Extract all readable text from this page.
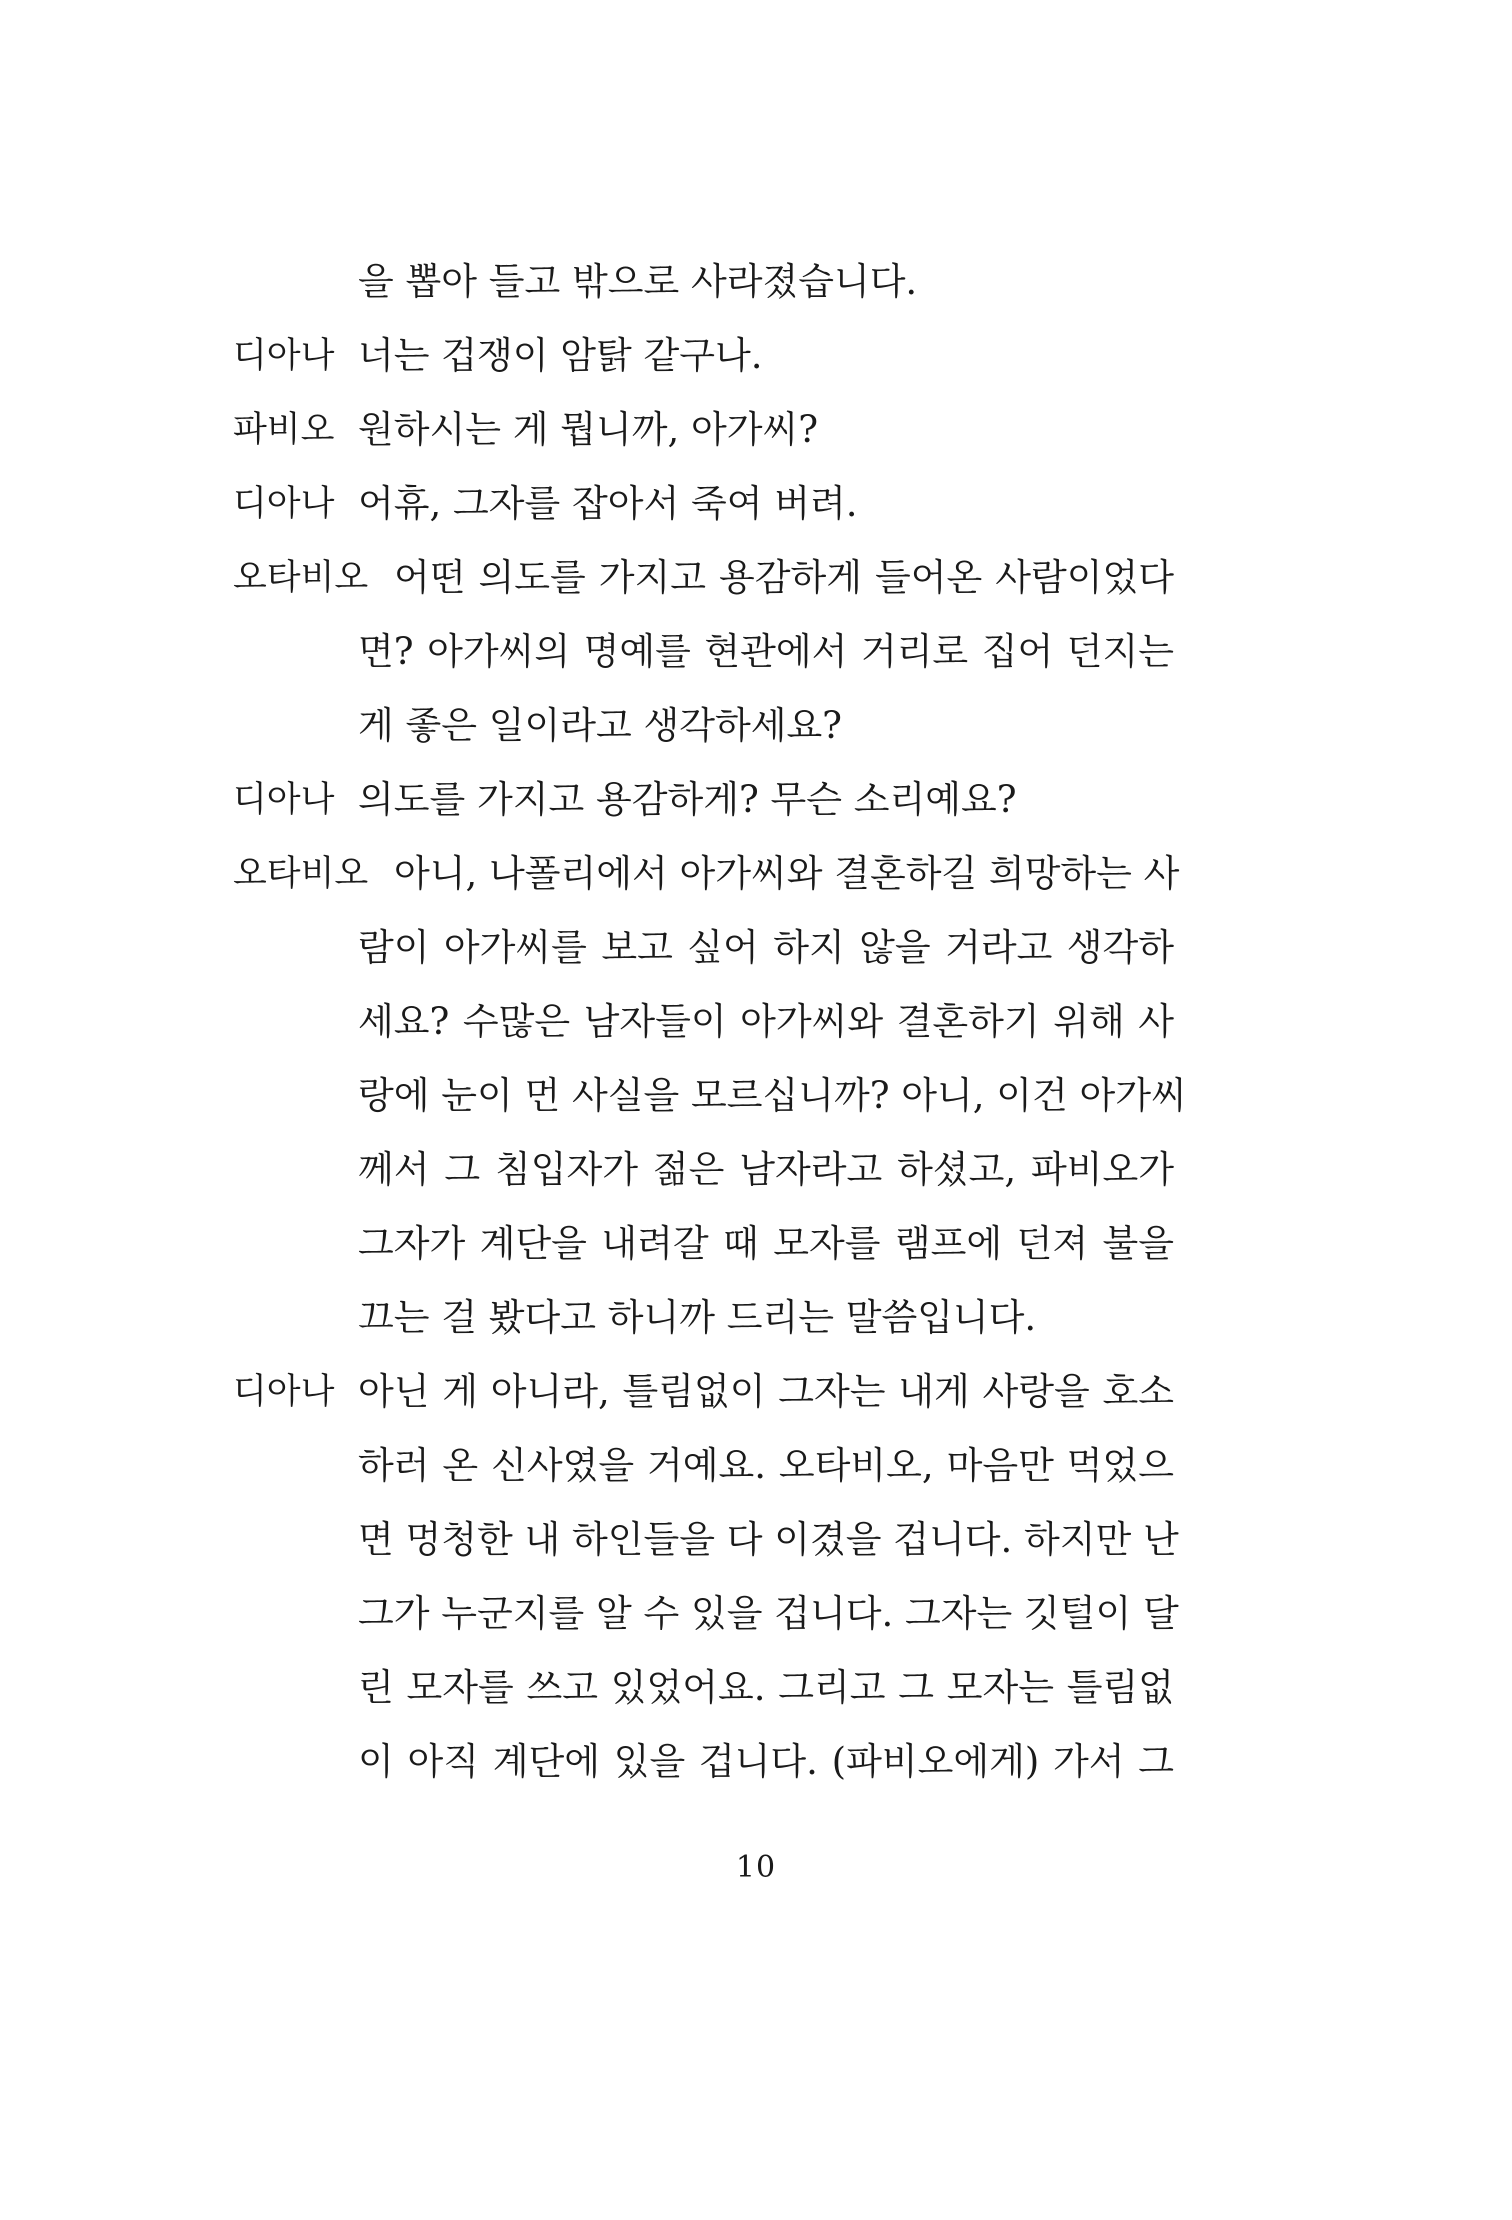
을 뽑아 들고 밖으로 사라졌습니다.
디아나 너는 겁쟁이 암탉 같구나.
파비오 원하시는 게 뭡니까, 아가씨?
디아나 어휴, 그자를 잡아서 죽여 버려.
오타비오 어떤 의도를 가지고 용감하게 들어온 사람이었다
면? 아가씨의 명예를 현관에서 거리로 집어 던지는
게 좋은 일이라고 생각하세요?
디아나 의도를 가지고 용감하게? 무슨 소리예요?
오타비오 아니, 나폴리에서 아가씨와 결혼하길 희망하는 사
람이 아가씨를 보고 싶어 하지 않을 거라고 생각하
세요? 수많은 남자들이 아가씨와 결혼하기 위해 사
랑에 눈이 먼 사실을 모르십니까? 아니, 이건 아가씨
께서 그 침입자가 젊은 남자라고 하셨고, 파비오가
그자가 계단을 내려갈 때 모자를 램프에 던져 불을
끄는 걸 봤다고 하니까 드리는 말씀입니다.
디아나 아닌 게 아니라, 틀림없이 그자는 내게 사랑을 호소
하러 온 신사였을 거예요. 오타비오, 마음만 먹었으
면 멍청한 내 하인들을 다 이겼을 겁니다. 하지만 난
그가 누군지를 알 수 있을 겁니다. 그자는 깃털이 달
린 모자를 쓰고 있었어요. 그리고 그 모자는 틀림없
이 아직 계단에 있을 겁니다. (파비오에게) 가서 그
10
